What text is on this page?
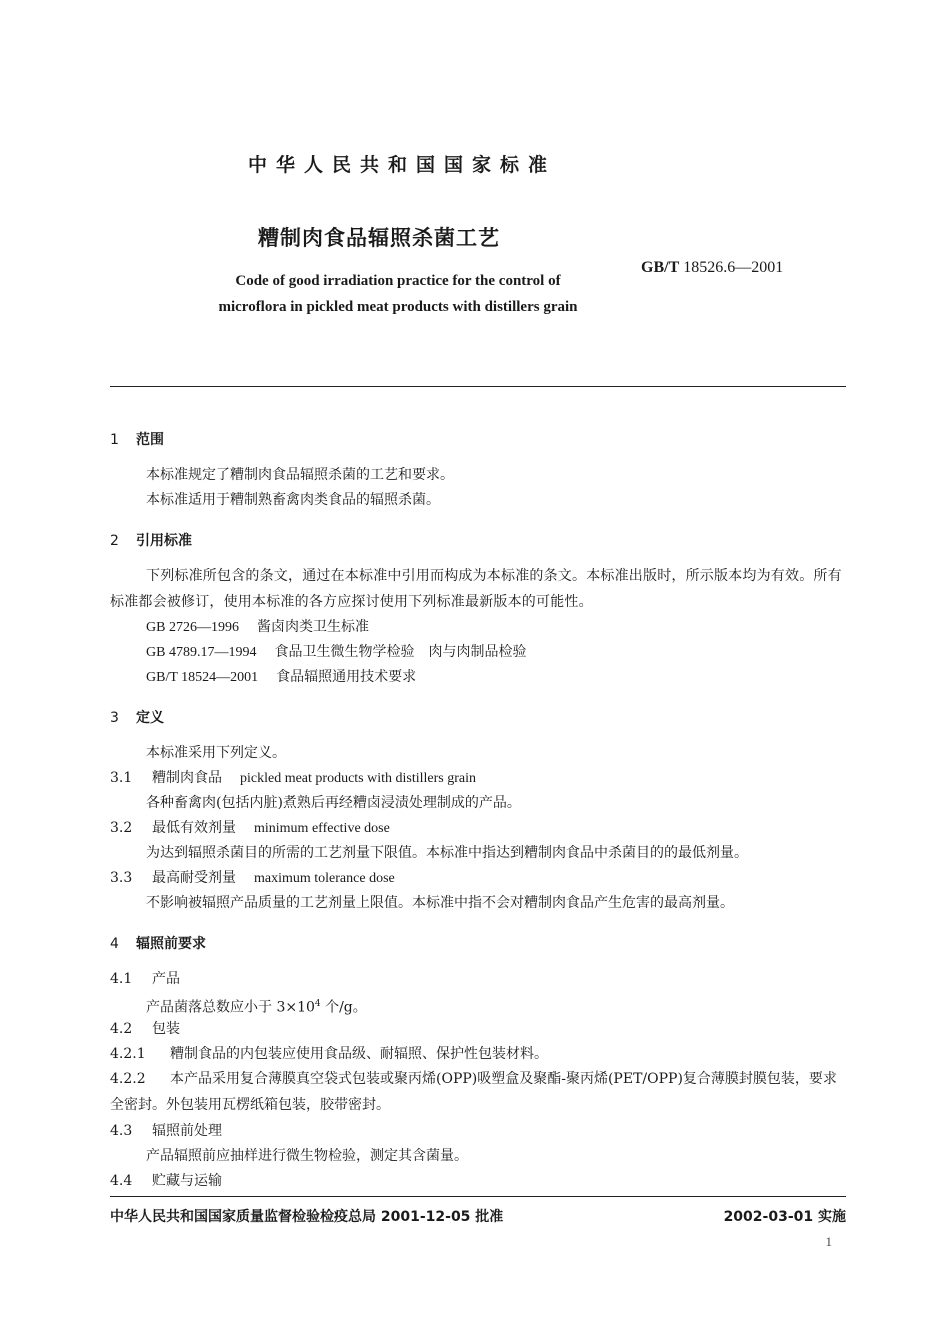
中华人民共和国国家标准
糟制肉食品辐照杀菌工艺
Code of good irradiation practice for the control of microflora in pickled meat products with distillers grain
GB/T 18526.6—2001
1 范围
本标准规定了糟制肉食品辐照杀菌的工艺和要求。
本标准适用于糟制熟畜禽肉类食品的辐照杀菌。
2 引用标准
下列标准所包含的条文，通过在本标准中引用而构成为本标准的条文。本标准出版时，所示版本均为有效。所有标准都会被修订，使用本标准的各方应探讨使用下列标准最新版本的可能性。
GB 2726—1996 酱卤肉类卫生标准
GB 4789.17—1994 食品卫生微生物学检验　肉与肉制品检验
GB/T 18524—2001 食品辐照通用技术要求
3 定义
本标准采用下列定义。
3.1 糟制肉食品 pickled meat products with distillers grain
各种畜禽肉(包括内脏)煮熟后再经糟卤浸渍处理制成的产品。
3.2 最低有效剂量 minimum effective dose
为达到辐照杀菌目的所需的工艺剂量下限值。本标准中指达到糟制肉食品中杀菌目的的最低剂量。
3.3 最高耐受剂量 maximum tolerance dose
不影响被辐照产品质量的工艺剂量上限值。本标准中指不会对糟制肉食品产生危害的最高剂量。
4 辐照前要求
4.1 产品
产品菌落总数应小于 $3\times 10^4$ 个/g。
4.2 包装
4.2.1 糟制食品的内包装应使用食品级、耐辐照、保护性包装材料。
4.2.2 本产品采用复合薄膜真空袋式包装或聚丙烯(OPP)吸塑盒及聚酯-聚丙烯(PET/OPP)复合薄膜封膜包装，要求全密封。外包装用瓦楞纸箱包装，胶带密封。
4.3 辐照前处理
产品辐照前应抽样进行微生物检验，测定其含菌量。
4.4 贮藏与运输
中华人民共和国国家质量监督检验检疫总局 2001-12-05 批准	2002-03-01 实施
1
